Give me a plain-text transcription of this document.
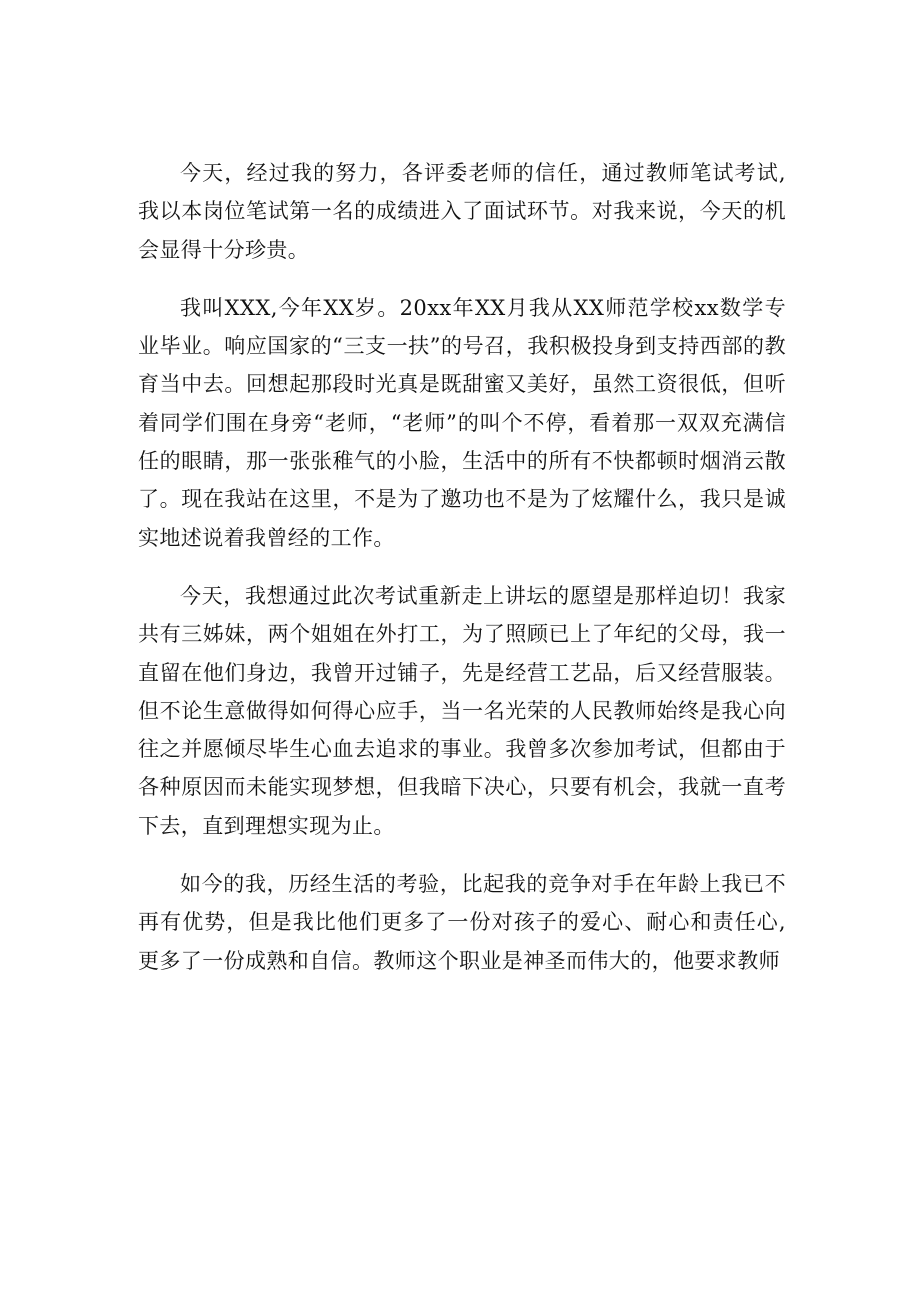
今天，经过我的努力，各评委老师的信任，通过教师笔试考试,我以本岗位笔试第一名的成绩进入了面试环节。对我来说，今天的机会显得十分珍贵。

我叫XXX,今年XX岁。20xx年XX月我从XX师范学校xx数学专业毕业。响应国家的“三支一扶”的号召，我积极投身到支持西部的教育当中去。回想起那段时光真是既甜蜜又美好，虽然工资很低，但听着同学们围在身旁“老师，“老师”的叫个不停，看着那一双双充满信任的眼睛，那一张张稚气的小脸，生活中的所有不快都顿时烟消云散了。现在我站在这里，不是为了邀功也不是为了炫耀什么，我只是诚实地述说着我曾经的工作。

今天，我想通过此次考试重新走上讲坛的愿望是那样迫切！我家共有三姊妹，两个姐姐在外打工，为了照顾已上了年纪的父母，我一直留在他们身边，我曾开过铺子，先是经营工艺品，后又经营服装。但不论生意做得如何得心应手，当一名光荣的人民教师始终是我心向往之并愿倾尽毕生心血去追求的事业。我曾多次参加考试，但都由于各种原因而未能实现梦想，但我暗下决心，只要有机会，我就一直考下去，直到理想实现为止。

如今的我，历经生活的考验，比起我的竞争对手在年龄上我已不再有优势，但是我比他们更多了一份对孩子的爱心、耐心和责任心,更多了一份成熟和自信。教师这个职业是神圣而伟大的，他要求教师
